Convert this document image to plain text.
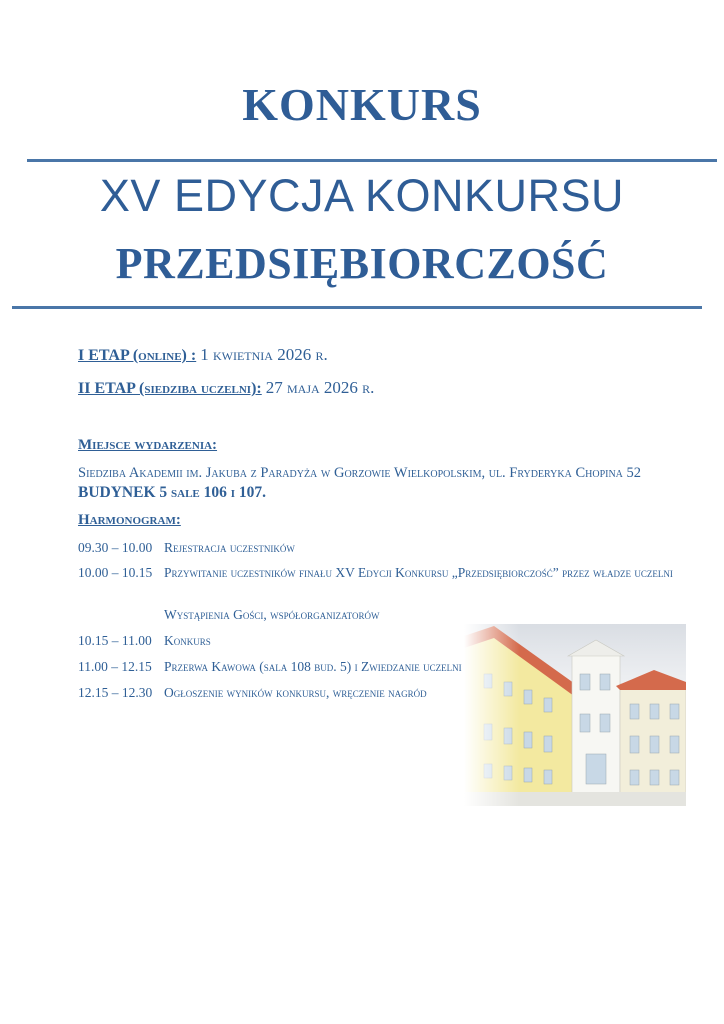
KONKURS
XV EDYCJA KONKURSU
PRZEDSIĘBIORCZOŚĆ
I ETAP (online) : 1 kwietnia 2026 r.
II ETAP (siedziba uczelni): 27 maja 2026 r.
Miejsce wydarzenia:
Siedziba Akademii im. Jakuba z Paradyża w Gorzowie Wielkopolskim, ul. Fryderyka Chopina 52 BUDYNEK 5 sale 106 i 107.
Harmonogram:
09.30 – 10.00 Rejestracja uczestników
10.00 – 10.15 Przywitanie uczestników finału XV Edycji Konkursu „Przedsiębiorczość” przez władze uczelni
Wystąpienia Gości, współorganizatorów
10.15 – 11.00 Konkurs
11.00 – 12.15 Przerwa Kawowa (sala 108 bud. 5) i Zwiedzanie uczelni
12.15 – 12.30 Ogłoszenie wyników konkursu, wręczenie nagród
